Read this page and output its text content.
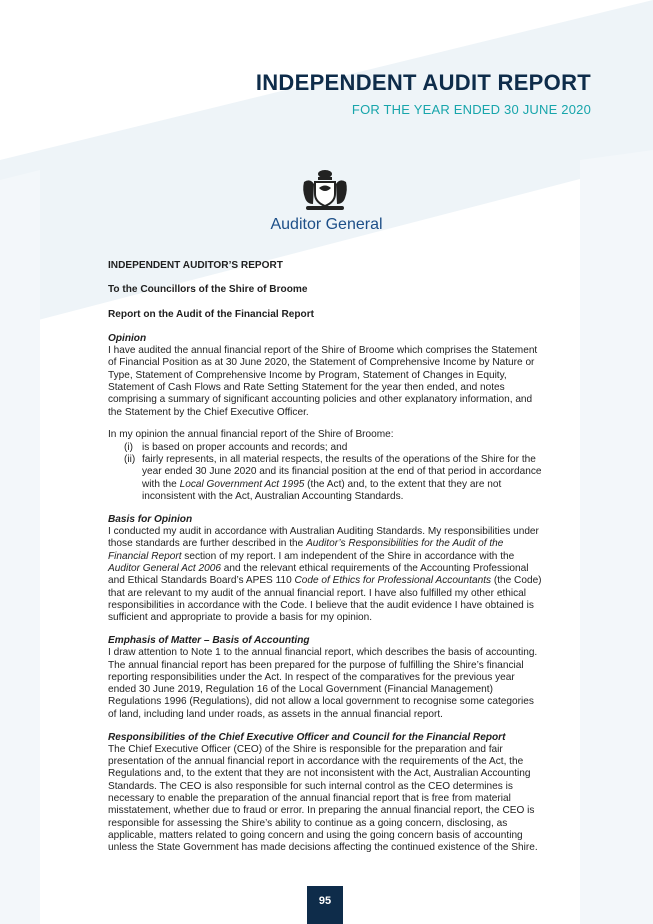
INDEPENDENT AUDIT REPORT
FOR THE YEAR ENDED 30 JUNE 2020
Auditor General
INDEPENDENT AUDITOR’S REPORT
To the Councillors of the Shire of Broome
Report on the Audit of the Financial Report
Opinion

I have audited the annual financial report of the Shire of Broome which comprises the Statement of Financial Position as at 30 June 2020, the Statement of Comprehensive Income by Nature or Type, Statement of Comprehensive Income by Program, Statement of Changes in Equity, Statement of Cash Flows and Rate Setting Statement for the year then ended, and notes comprising a summary of significant accounting policies and other explanatory information, and the Statement by the Chief Executive Officer.

In my opinion the annual financial report of the Shire of Broome:
(i) is based on proper accounts and records; and
(ii) fairly represents, in all material respects, the results of the operations of the Shire for the year ended 30 June 2020 and its financial position at the end of that period in accordance with the Local Government Act 1995 (the Act) and, to the extent that they are not inconsistent with the Act, Australian Accounting Standards.
Basis for Opinion

I conducted my audit in accordance with Australian Auditing Standards. My responsibilities under those standards are further described in the Auditor’s Responsibilities for the Audit of the Financial Report section of my report. I am independent of the Shire in accordance with the Auditor General Act 2006 and the relevant ethical requirements of the Accounting Professional and Ethical Standards Board’s APES 110 Code of Ethics for Professional Accountants (the Code) that are relevant to my audit of the annual financial report. I have also fulfilled my other ethical responsibilities in accordance with the Code. I believe that the audit evidence I have obtained is sufficient and appropriate to provide a basis for my opinion.

Emphasis of Matter – Basis of Accounting

I draw attention to Note 1 to the annual financial report, which describes the basis of accounting. The annual financial report has been prepared for the purpose of fulfilling the Shire’s financial reporting responsibilities under the Act. In respect of the comparatives for the previous year ended 30 June 2019, Regulation 16 of the Local Government (Financial Management) Regulations 1996 (Regulations), did not allow a local government to recognise some categories of land, including land under roads, as assets in the annual financial report.

Responsibilities of the Chief Executive Officer and Council for the Financial Report

The Chief Executive Officer (CEO) of the Shire is responsible for the preparation and fair presentation of the annual financial report in accordance with the requirements of the Act, the Regulations and, to the extent that they are not inconsistent with the Act, Australian Accounting Standards. The CEO is also responsible for such internal control as the CEO determines is necessary to enable the preparation of the annual financial report that is free from material misstatement, whether due to fraud or error. In preparing the annual financial report, the CEO is responsible for assessing the Shire’s ability to continue as a going concern, disclosing, as applicable, matters related to going concern and using the going concern basis of accounting unless the State Government has made decisions affecting the continued existence of the Shire.

95
